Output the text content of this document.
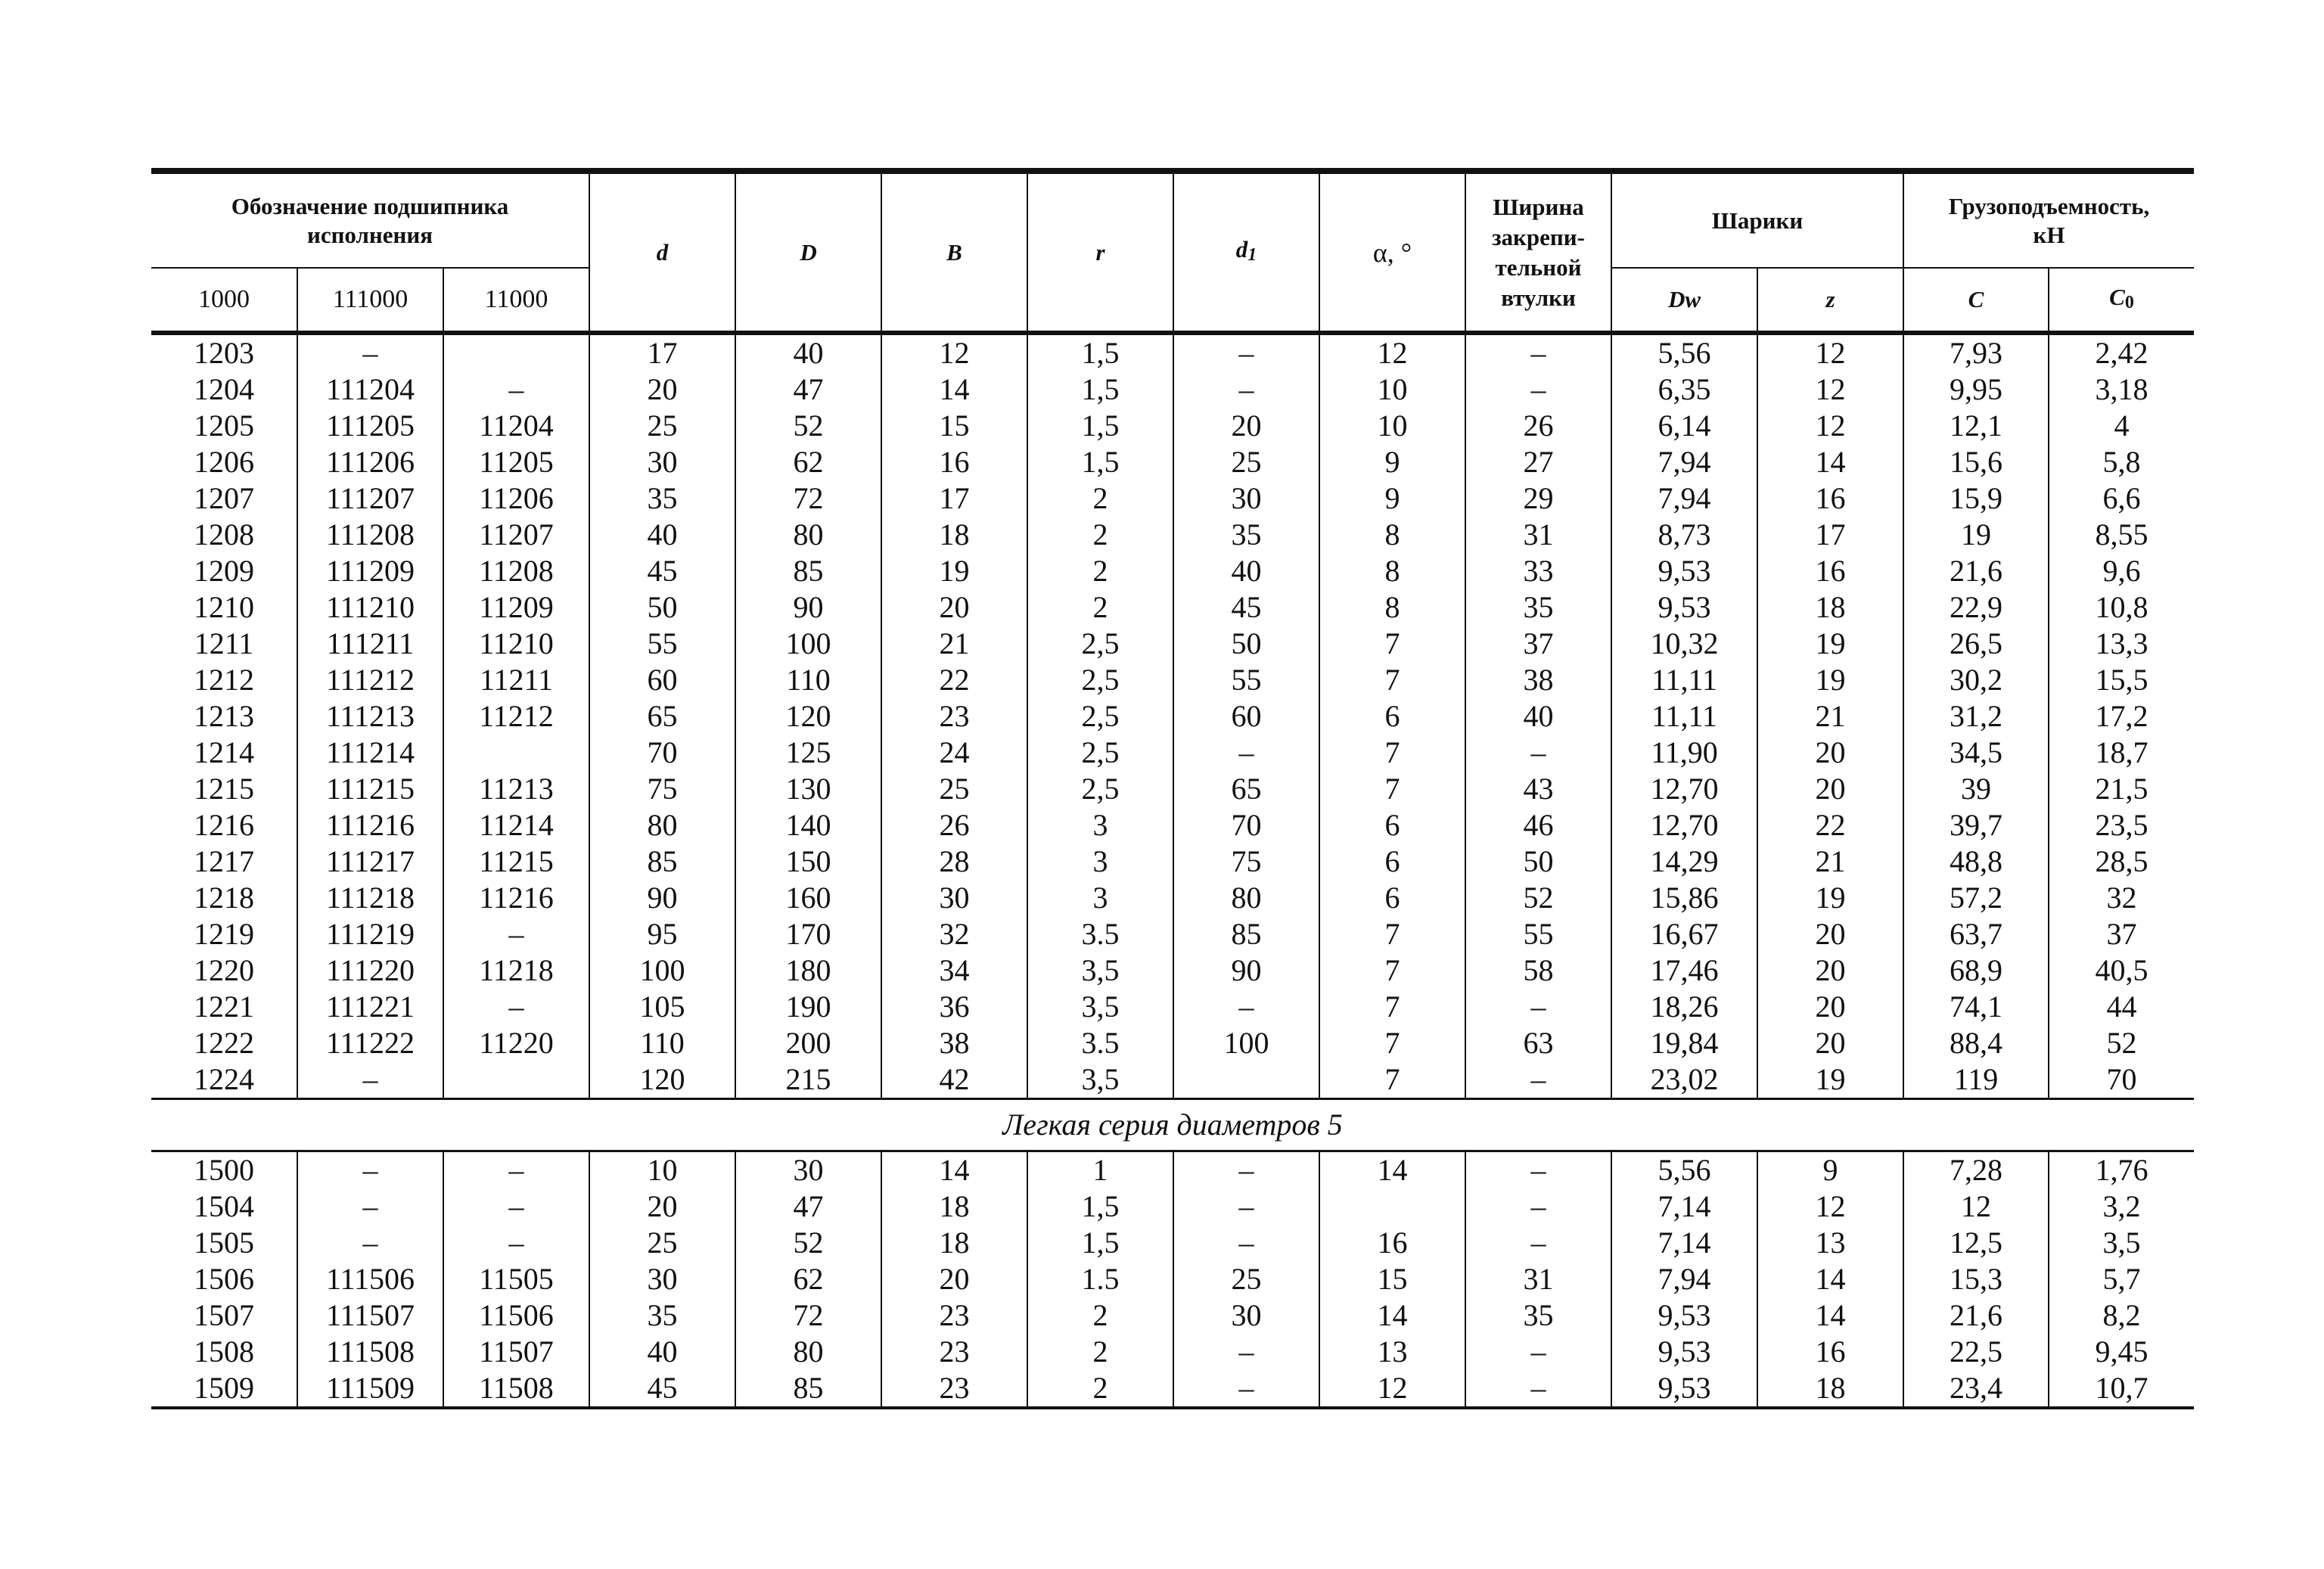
Обозначение подшипника исполнения			d	D	B	r	d1	α, °	Ширина закрепи-тельной втулки	Шарики		Грузоподъемность, кН	
1000	111000	11000								Dw	z	C	C0
1203	–		17	40	12	1,5	–	12	–	5,56	12	7,93	2,42
1204	111204	–	20	47	14	1,5	–	10	–	6,35	12	9,95	3,18
1205	111205	11204	25	52	15	1,5	20	10	26	6,14	12	12,1	4
1206	111206	11205	30	62	16	1,5	25	9	27	7,94	14	15,6	5,8
1207	111207	11206	35	72	17	2	30	9	29	7,94	16	15,9	6,6
1208	111208	11207	40	80	18	2	35	8	31	8,73	17	19	8,55
1209	111209	11208	45	85	19	2	40	8	33	9,53	16	21,6	9,6
1210	111210	11209	50	90	20	2	45	8	35	9,53	18	22,9	10,8
1211	111211	11210	55	100	21	2,5	50	7	37	10,32	19	26,5	13,3
1212	111212	11211	60	110	22	2,5	55	7	38	11,11	19	30,2	15,5
1213	111213	11212	65	120	23	2,5	60	6	40	11,11	21	31,2	17,2
1214	111214		70	125	24	2,5	–	7	–	11,90	20	34,5	18,7
1215	111215	11213	75	130	25	2,5	65	7	43	12,70	20	39	21,5
1216	111216	11214	80	140	26	3	70	6	46	12,70	22	39,7	23,5
1217	111217	11215	85	150	28	3	75	6	50	14,29	21	48,8	28,5
1218	111218	11216	90	160	30	3	80	6	52	15,86	19	57,2	32
1219	111219	–	95	170	32	3.5	85	7	55	16,67	20	63,7	37
1220	111220	11218	100	180	34	3,5	90	7	58	17,46	20	68,9	40,5
1221	111221	–	105	190	36	3,5	–	7	–	18,26	20	74,1	44
1222	111222	11220	110	200	38	3.5	100	7	63	19,84	20	88,4	52
1224	–		120	215	42	3,5		7	–	23,02	19	119	70
Легкая серия диаметров 5													
1500	–	–	10	30	14	1	–	14	–	5,56	9	7,28	1,76
1504	–	–	20	47	18	1,5	–		–	7,14	12	12	3,2
1505	–	–	25	52	18	1,5	–	16	–	7,14	13	12,5	3,5
1506	111506	11505	30	62	20	1.5	25	15	31	7,94	14	15,3	5,7
1507	111507	11506	35	72	23	2	30	14	35	9,53	14	21,6	8,2
1508	111508	11507	40	80	23	2	–	13	–	9,53	16	22,5	9,45
1509	111509	11508	45	85	23	2	–	12	–	9,53	18	23,4	10,7
